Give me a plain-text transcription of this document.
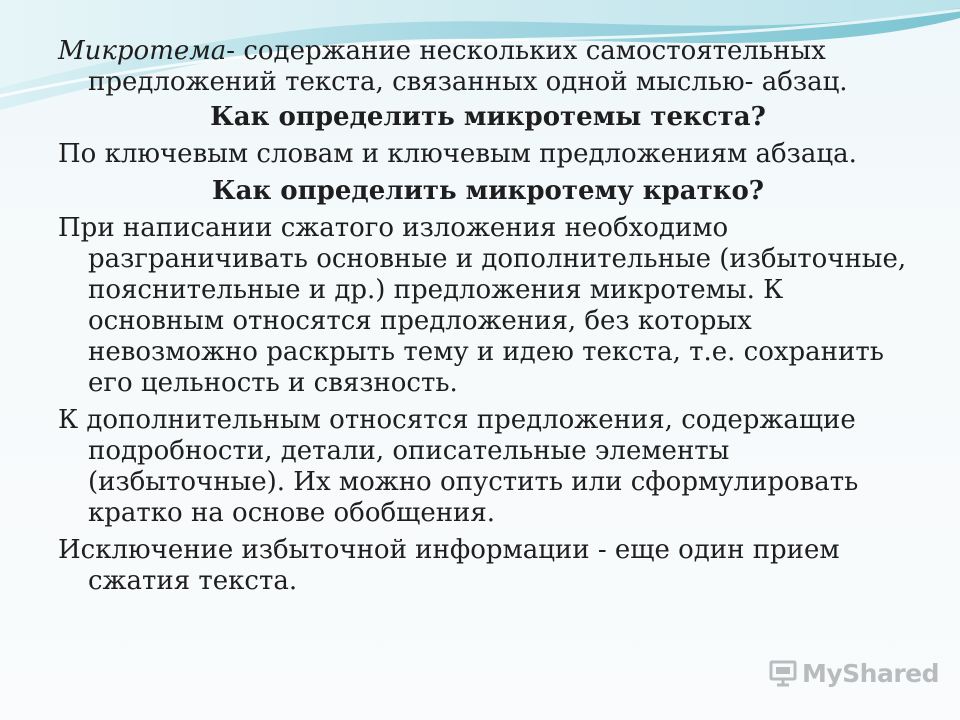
Микротема- содержание нескольких самостоятельных предложений текста, связанных одной мыслью- абзац.

Как определить микротемы текста?

По ключевым словам и ключевым предложениям абзаца.

Как определить микротему кратко?

При написании сжатого изложения необходимо разграничивать основные и дополнительные (избыточные, пояснительные и др.) предложения микротемы. К основным относятся предложения, без которых невозможно раскрыть тему и идею текста, т.е. сохранить его цельность и связность.

К дополнительным относятся предложения, содержащие подробности, детали, описательные элементы (избыточные). Их можно опустить или сформулировать кратко на основе обобщения.

Исключение избыточной информации - еще один прием сжатия текста.

MyShared
